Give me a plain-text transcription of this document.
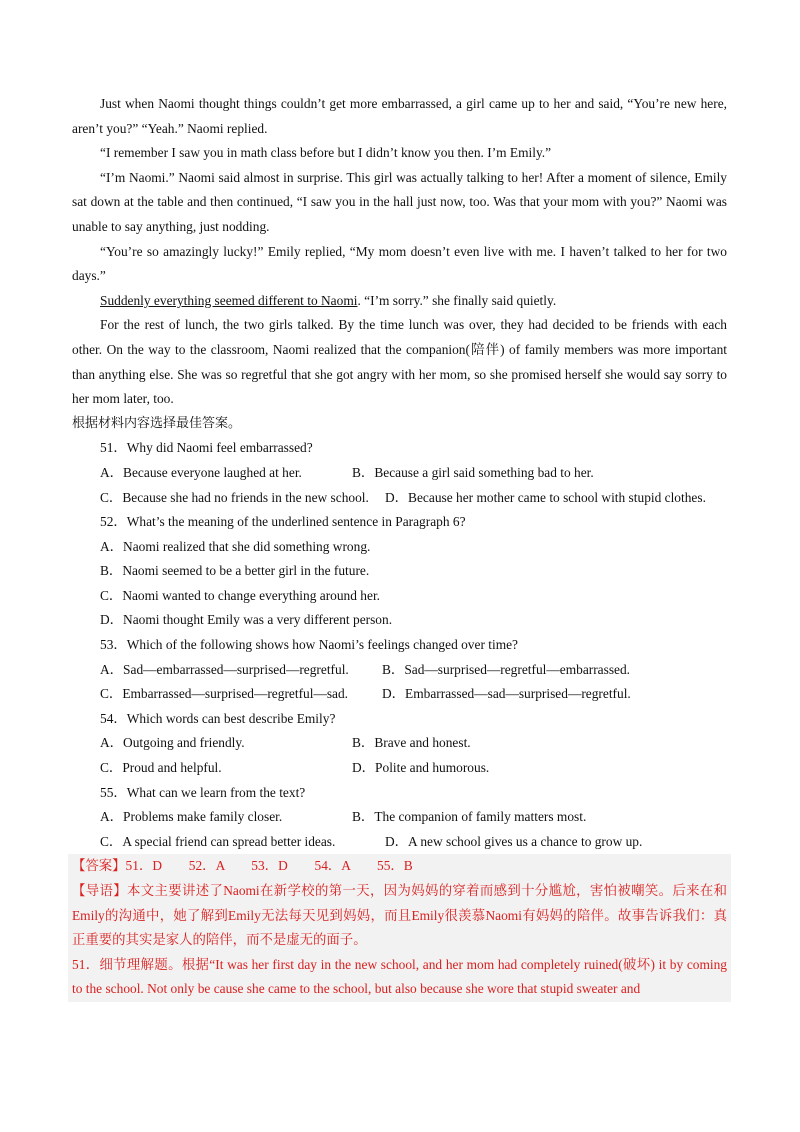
Just when Naomi thought things couldn’t get more embarrassed, a girl came up to her and said, “You’re new here, aren’t you?” “Yeah.” Naomi replied.

“I remember I saw you in math class before but I didn’t know you then. I’m Emily.”

“I’m Naomi.” Naomi said almost in surprise. This girl was actually talking to her! After a moment of silence, Emily sat down at the table and then continued, “I saw you in the hall just now, too. Was that your mom with you?” Naomi was unable to say anything, just nodding.

“You’re so amazingly lucky!” Emily replied, “My mom doesn’t even live with me. I haven’t talked to her for two days.”

Suddenly everything seemed different to Naomi. “I’m sorry.” she finally said quietly.

For the rest of lunch, the two girls talked. By the time lunch was over, they had decided to be friends with each other. On the way to the classroom, Naomi realized that the companion(陪伴) of family members was more important than anything else. She was so regretful that she got angry with her mom, so she promised herself she would say sorry to her mom later, too.

根据材料内容选择最佳答案。

51．Why did Naomi feel embarrassed?

A．Because everyone laughed at her.	B．Because a girl said something bad to her.
C．Because she had no friends in the new school.	D．Because her mother came to school with stupid clothes.

52．What’s the meaning of the underlined sentence in Paragraph 6?

A．Naomi realized that she did something wrong.
B．Naomi seemed to be a better girl in the future.
C．Naomi wanted to change everything around her.
D．Naomi thought Emily was a very different person.

53．Which of the following shows how Naomi’s feelings changed over time?

A．Sad—embarrassed—surprised—regretful.	B．Sad—surprised—regretful—embarrassed.
C．Embarrassed—surprised—regretful—sad.	D．Embarrassed—sad—surprised—regretful.

54．Which words can best describe Emily?

A．Outgoing and friendly.	B．Brave and honest.
C．Proud and helpful.	D．Polite and humorous.

55．What can we learn from the text?

A．Problems make family closer.	B．The companion of family matters most.
C．A special friend can spread better ideas.	D．A new school gives us a chance to grow up.

【答案】51．D　　52．A　　53．D　　54．A　　55．B

【导语】本文主要讲述了Naomi在新学校的第一天，因为妈妈的穿着而感到十分尴尬，害怕被嘲笑。后来在和Emily的沟通中，她了解到Emily无法每天见到妈妈，而且Emily很羡慕Naomi有妈妈的陪伴。故事告诉我们：真正重要的其实是家人的陪伴，而不是虚无的面子。

51．细节理解题。根据“It was her first day in the new school, and her mom had completely ruined(破坏) it by coming to the school. Not only be cause she came to the school, but also because she wore that stupid sweater and
